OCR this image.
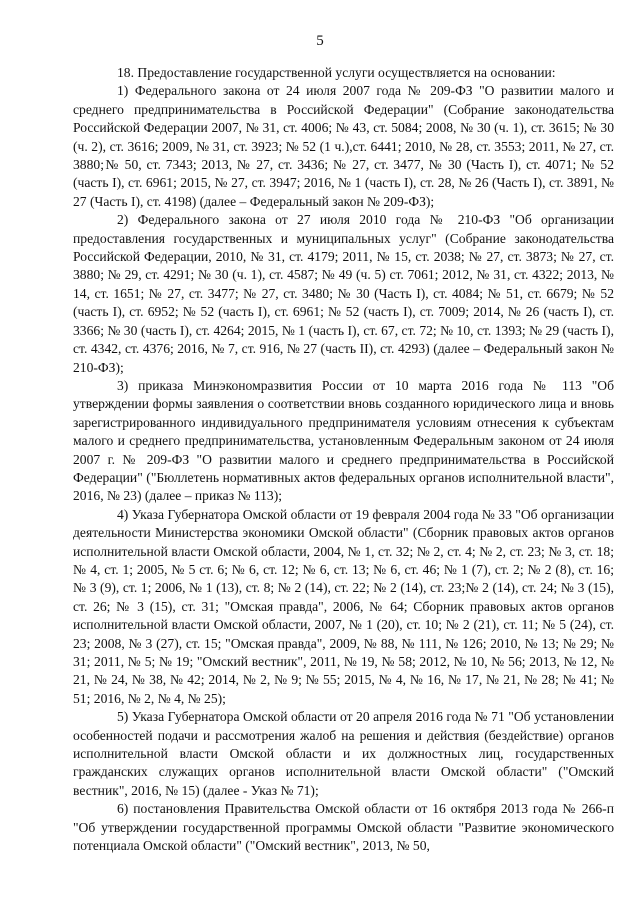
5

18. Предоставление государственной услуги осуществляется на основании:

1) Федерального закона от 24 июля 2007 года № 209-ФЗ "О развитии малого и среднего предпринимательства в Российской Федерации" (Собрание законодательства Российской Федерации 2007, № 31, ст. 4006; № 43, ст. 5084; 2008, № 30 (ч. 1), ст. 3615; № 30 (ч. 2), ст. 3616; 2009, № 31, ст. 3923; № 52 (1 ч.),ст. 6441; 2010, № 28, ст. 3553; 2011, № 27, ст. 3880;№ 50, ст. 7343; 2013, № 27, ст. 3436; № 27, ст. 3477, № 30 (Часть I), ст. 4071; № 52 (часть I), ст. 6961; 2015, № 27, ст. 3947; 2016, № 1 (часть I), ст. 28, № 26 (Часть I), ст. 3891, № 27 (Часть I), ст. 4198) (далее – Федеральный закон № 209-ФЗ);

2) Федерального закона от 27 июля 2010 года № 210-ФЗ "Об организации предоставления государственных и муниципальных услуг" (Собрание законодательства Российской Федерации, 2010, № 31, ст. 4179; 2011, № 15, ст. 2038; № 27, ст. 3873; № 27, ст. 3880; № 29, ст. 4291; № 30 (ч. 1), ст. 4587; № 49 (ч. 5) ст. 7061; 2012, № 31, ст. 4322; 2013, № 14, ст. 1651; № 27, ст. 3477; № 27, ст. 3480; № 30 (Часть I), ст. 4084; № 51, ст. 6679; № 52 (часть I), ст. 6952; № 52 (часть I), ст. 6961; № 52 (часть I), ст. 7009; 2014, № 26 (часть I), ст. 3366; № 30 (часть I), ст. 4264; 2015, № 1 (часть I), ст. 67, ст. 72; № 10, ст. 1393; № 29 (часть I), ст. 4342, ст. 4376; 2016, № 7, ст. 916, № 27 (часть II), ст. 4293) (далее – Федеральный закон № 210-ФЗ);

3) приказа Минэкономразвития России от 10 марта 2016 года № 113 "Об утверждении формы заявления о соответствии вновь созданного юридического лица и вновь зарегистрированного индивидуального предпринимателя условиям отнесения к субъектам малого и среднего предпринимательства, установленным Федеральным законом от 24 июля 2007 г. № 209-ФЗ "О развитии малого и среднего предпринимательства в Российской Федерации" ("Бюллетень нормативных актов федеральных органов исполнительной власти", 2016, № 23) (далее – приказ № 113);

4) Указа Губернатора Омской области от 19 февраля 2004 года № 33 "Об организации деятельности Министерства экономики Омской области" (Сборник правовых актов органов исполнительной власти Омской области, 2004, № 1, ст. 32; № 2, ст. 4; № 2, ст. 23; № 3, ст. 18; № 4, ст. 1; 2005, № 5 ст. 6; № 6, ст. 12; № 6, ст. 13; № 6, ст. 46; № 1 (7), ст. 2; № 2 (8), ст. 16; № 3 (9), ст. 1; 2006, № 1 (13), ст. 8; № 2 (14), ст. 22; № 2 (14), ст. 23;№ 2 (14), ст. 24; № 3 (15), ст. 26; № 3 (15), ст. 31; "Омская правда", 2006, № 64; Сборник правовых актов органов исполнительной власти Омской области, 2007, № 1 (20), ст. 10; № 2 (21), ст. 11; № 5 (24), ст. 23; 2008, № 3 (27), ст. 15; "Омская правда", 2009, № 88, № 111, № 126; 2010, № 13; № 29; № 31; 2011, № 5; № 19; "Омский вестник", 2011, № 19, № 58; 2012, № 10, № 56; 2013, № 12, № 21, № 24, № 38, № 42; 2014, № 2, № 9; № 55; 2015, № 4, № 16, № 17, № 21, № 28; № 41; № 51; 2016, № 2, № 4, № 25);

5) Указа Губернатора Омской области от 20 апреля 2016 года № 71 "Об установлении особенностей подачи и рассмотрения жалоб на решения и действия (бездействие) органов исполнительной власти Омской области и их должностных лиц, государственных гражданских служащих органов исполнительной власти Омской области" ("Омский вестник", 2016, № 15) (далее - Указ № 71);

6) постановления Правительства Омской области от 16 октября 2013 года № 266-п "Об утверждении государственной программы Омской области "Развитие экономического потенциала Омской области" ("Омский вестник", 2013, № 50,
